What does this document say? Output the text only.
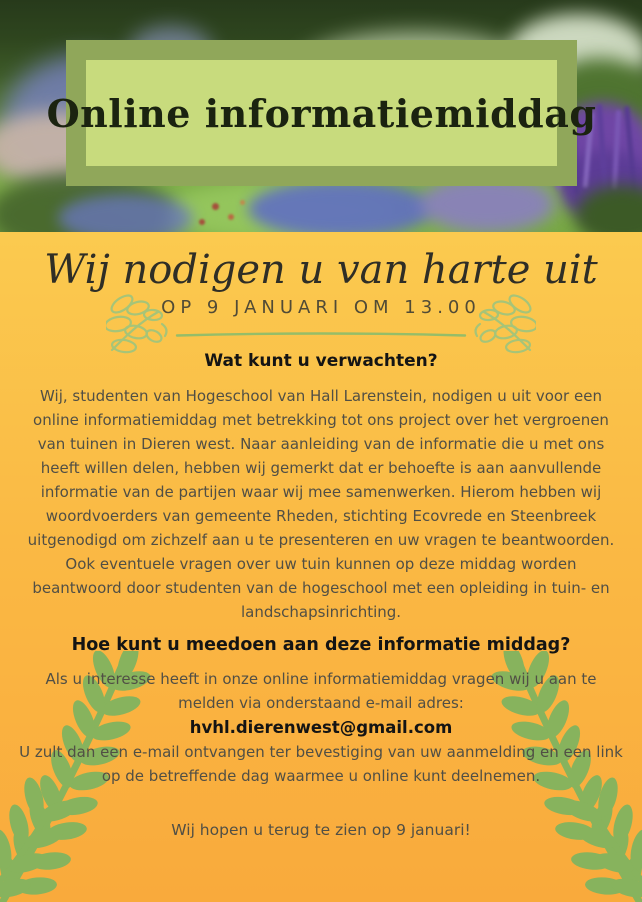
Online informatiemiddag
Wij nodigen u van harte uit
OP 9 JANUARI OM 13.00
Wat kunt u verwachten?

Wij, studenten van Hogeschool van Hall Larenstein, nodigen u uit voor een online informatiemiddag met betrekking tot ons project over het vergroenen van tuinen in Dieren west. Naar aanleiding van de informatie die u met ons heeft willen delen, hebben wij gemerkt dat er behoefte is aan aanvullende informatie van de partijen waar wij mee samenwerken. Hierom hebben wij woordvoerders van gemeente Rheden, stichting Ecovrede en Steenbreek uitgenodigd om zichzelf aan u te presenteren en uw vragen te beantwoorden.

Ook eventuele vragen over uw tuin kunnen op deze middag worden beantwoord door studenten van de hogeschool met een opleiding in tuin- en landschapsinrichting.

Hoe kunt u meedoen aan deze informatie middag?

Als u interesse heeft in onze online informatiemiddag vragen wij u aan te melden via onderstaand e-mail adres:

hvhl.dierenwest@gmail.com

U zult dan een e-mail ontvangen ter bevestiging van uw aanmelding en een link op de betreffende dag waarmee u online kunt deelnemen.

Wij hopen u terug te zien op 9 januari!
